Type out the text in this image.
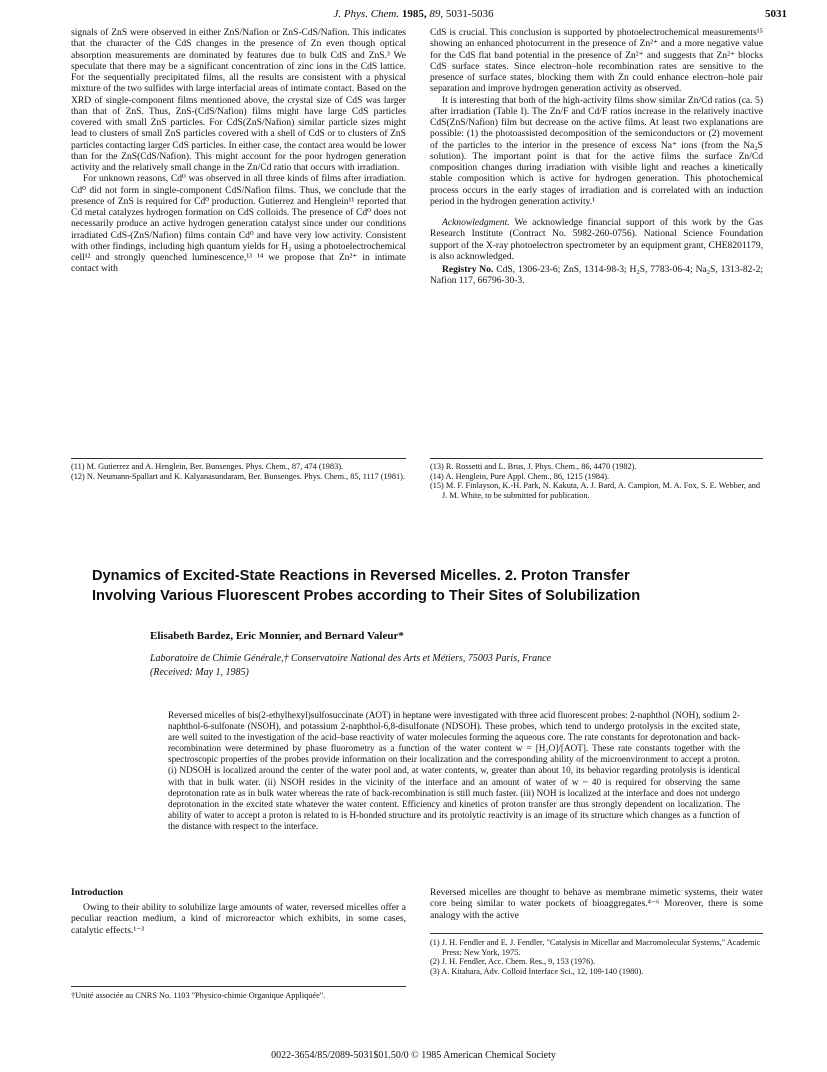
J. Phys. Chem. 1985, 89, 5031-5036	5031

signals of ZnS were observed in either ZnS/Nafion or ZnS-CdS/Nafion. This indicates that the character of the CdS changes in the presence of Zn even though optical absorption measurements are dominated by features due to bulk CdS and ZnS.³ We speculate that there may be a significant concentration of zinc ions in the CdS lattice. For the sequentially precipitated films, all the results are consistent with a physical mixture of the two sulfides with large interfacial areas of intimate contact. Based on the XRD of single-component films mentioned above, the crystal size of CdS was larger than that of ZnS. Thus, ZnS-(CdS/Nafion) films might have large CdS particles covered with small ZnS particles. For CdS(ZnS/Nafion) similar particle sizes might lead to clusters of small ZnS particles covered with a shell of CdS or to clusters of ZnS particles contacting larger CdS particles. In either case, the contact area would be lower than for the ZnS(CdS/Nafion). This might account for the poor hydrogen generation activity and the relatively small change in the Zn/Cd ratio that occurs with irradiation.

For unknown reasons, Cd⁰ was observed in all three kinds of films after irradiation. Cd⁰ did not form in single-component CdS/Nafion films. Thus, we conclude that the presence of ZnS is required for Cd⁰ production. Gutierrez and Henglein¹¹ reported that Cd metal catalyzes hydrogen formation on CdS colloids. The presence of Cd⁰ does not necessarily produce an active hydrogen generation catalyst since under our conditions irradiated CdS-(ZnS/Nafion) films contain Cd⁰ and have very low activity. Consistent with other findings, including high quantum yields for H₂ using a photoelectrochemical cell¹² and strongly quenched luminescence,¹³ ¹⁴ we propose that Zn²⁺ in intimate contact with

CdS is crucial. This conclusion is supported by photoelectrochemical measurements¹⁵ showing an enhanced photocurrent in the presence of Zn²⁺ and a more negative value for the CdS flat band potential in the presence of Zn²⁺ and suggests that Zn²⁺ blocks CdS surface states. Since electron–hole recombination rates are sensitive to the presence of surface states, blocking them with Zn could enhance electron–hole pair separation and improve hydrogen generation activity as observed.

It is interesting that both of the high-activity films show similar Zn/Cd ratios (ca. 5) after irradiation (Table I). The Zn/F and Cd/F ratios increase in the relatively inactive CdS(ZnS/Nafion) film but decrease on the active films. At least two explanations are possible: (1) the photoassisted decomposition of the semiconductors or (2) movement of the particles to the interior in the presence of excess Na⁺ ions (from the Na₂S solution). The important point is that for the active films the surface Zn/Cd composition changes during irradiation with visible light and reaches a kinetically stable composition which is active for hydrogen generation. This photochemical process occurs in the early stages of irradiation and is correlated with an induction period in the hydrogen generation activity.¹

Acknowledgment. We acknowledge financial support of this work by the Gas Research Institute (Contract No. 5982-260-0756). National Science Foundation support of the X-ray photoelectron spectrometer by an equipment grant, CHE8201179, is also acknowledged.

Registry No. CdS, 1306-23-6; ZnS, 1314-98-3; H₂S, 7783-06-4; Na₂S, 1313-82-2; Nafion 117, 66796-30-3.

(11) M. Gutierrez and A. Henglein, Ber. Bunsenges. Phys. Chem., 87, 474 (1983).

(12) N. Neumann-Spallart and K. Kalyanasundaram, Ber. Bunsenges. Phys. Chem., 85, 1117 (1981).

(13) R. Rossetti and L. Brus, J. Phys. Chem., 86, 4470 (1982).

(14) A. Henglein, Pure Appl. Chem., 86, 1215 (1984).

(15) M. F. Finlayson, K.-H. Park, N. Kakuta, A. J. Bard, A. Campion, M. A. Fox, S. E. Webber, and J. M. White, to be submitted for publication.

Dynamics of Excited-State Reactions in Reversed Micelles. 2. Proton Transfer
Involving Various Fluorescent Probes according to Their Sites of Solubilization
Elisabeth Bardez, Eric Monnier, and Bernard Valeur*
Laboratoire de Chimie Générale,† Conservatoire National des Arts et Métiers, 75003 Paris, France
(Received: May 1, 1985)
Reversed micelles of bis(2-ethylhexyl)sulfosuccinate (AOT) in heptane were investigated with three acid fluorescent probes: 2-naphthol (NOH), sodium 2-naphthol-6-sulfonate (NSOH), and potassium 2-naphthol-6,8-disulfonate (NDSOH). These probes, which tend to undergo protolysis in the excited state, are well suited to the investigation of the acid–base reactivity of water molecules forming the aqueous core. The rate constants for deprotonation and back-recombination were determined by phase fluorometry as a function of the water content w = [H₂O]/[AOT]. These rate constants together with the spectroscopic properties of the probes provide information on their localization and the corresponding ability of the microenvironment to accept a proton. (i) NDSOH is localized around the center of the water pool and, at water contents, w, greater than about 10, its behavior regarding protolysis is identical with that in bulk water. (ii) NSOH resides in the vicinity of the interface and an amount of water of w ~ 40 is required for observing the same deprotonation rate as in bulk water whereas the rate of back-recombination is still much faster. (iii) NOH is localized at the interface and does not undergo deprotonation in the excited state whatever the water content. Efficiency and kinetics of proton transfer are thus strongly dependent on localization. The ability of water to accept a proton is related to is H-bonded structure and its protolytic reactivity is an image of its structure which changes as a function of the distance with respect to the interface.
Introduction

Owing to their ability to solubilize large amounts of water, reversed micelles offer a peculiar reaction medium, a kind of microreactor which exhibits, in some cases, catalytic effects.¹⁻³

Reversed micelles are thought to behave as membrane mimetic systems, their water core being similar to water pockets of bioaggregates.⁴⁻⁶ Moreover, there is some analogy with the active

†Unité associée au CNRS No. 1103 "Physico-chimie Organique Appliquée".

(1) J. H. Fendler and E. J. Fendler, "Catalysis in Micellar and Macromolecular Systems," Academic Press: New York, 1975.

(2) J. H. Fendler, Acc. Chem. Res., 9, 153 (1976).

(3) A. Kitahara, Adv. Colloid Interface Sci., 12, 109-140 (1980).

0022-3654/85/2089-5031$01.50/0 © 1985 American Chemical Society
